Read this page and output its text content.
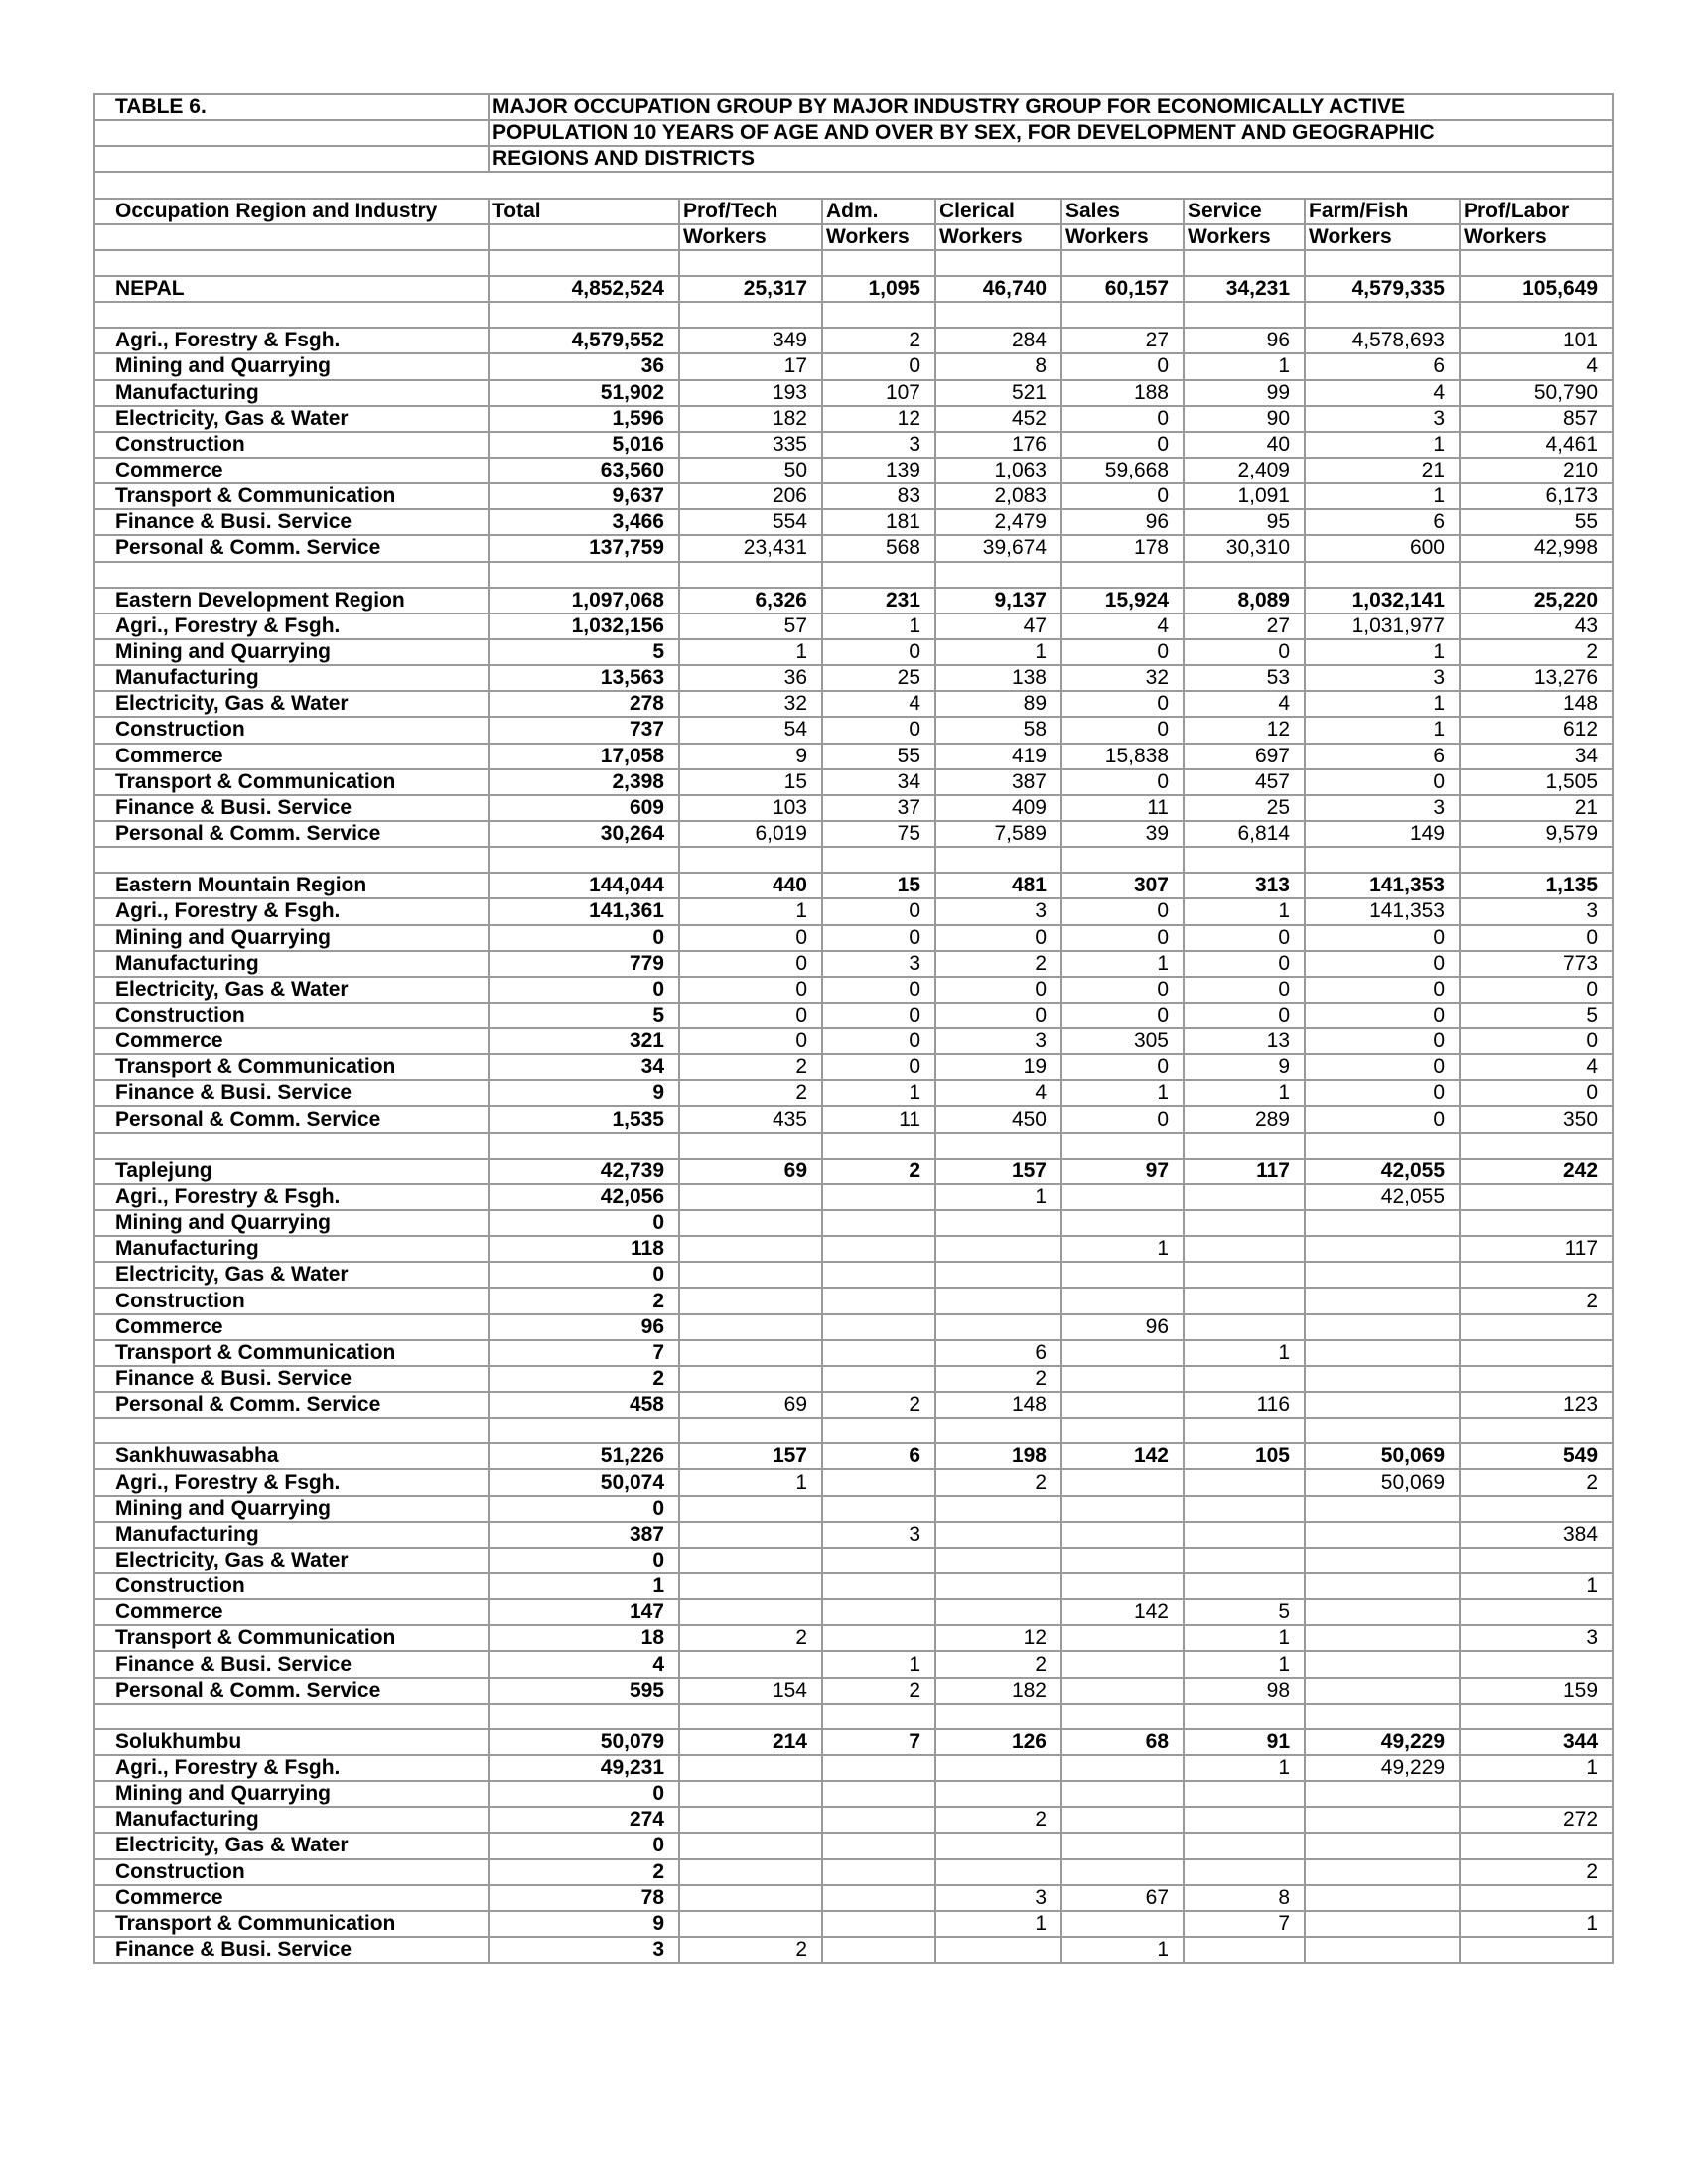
TABLE 6.	MAJOR OCCUPATION GROUP BY MAJOR INDUSTRY GROUP FOR ECONOMICALLY ACTIVE							
	POPULATION 10 YEARS OF AGE AND OVER BY SEX, FOR DEVELOPMENT AND GEOGRAPHIC							
	REGIONS AND DISTRICTS							

Occupation Region and Industry	Total	Prof/Tech	Adm.	Clerical	Sales	Service	Farm/Fish	Prof/Labor
		Workers	Workers	Workers	Workers	Workers	Workers	Workers

NEPAL	4,852,524	25,317	1,095	46,740	60,157	34,231	4,579,335	105,649

Agri., Forestry & Fsgh.	4,579,552	349	2	284	27	96	4,578,693	101
Mining and Quarrying	36	17	0	8	0	1	6	4
Manufacturing	51,902	193	107	521	188	99	4	50,790
Electricity, Gas & Water	1,596	182	12	452	0	90	3	857
Construction	5,016	335	3	176	0	40	1	4,461
Commerce	63,560	50	139	1,063	59,668	2,409	21	210
Transport & Communication	9,637	206	83	2,083	0	1,091	1	6,173
Finance & Busi. Service	3,466	554	181	2,479	96	95	6	55
Personal & Comm. Service	137,759	23,431	568	39,674	178	30,310	600	42,998

Eastern Development Region	1,097,068	6,326	231	9,137	15,924	8,089	1,032,141	25,220
Agri., Forestry & Fsgh.	1,032,156	57	1	47	4	27	1,031,977	43
Mining and Quarrying	5	1	0	1	0	0	1	2
Manufacturing	13,563	36	25	138	32	53	3	13,276
Electricity, Gas & Water	278	32	4	89	0	4	1	148
Construction	737	54	0	58	0	12	1	612
Commerce	17,058	9	55	419	15,838	697	6	34
Transport & Communication	2,398	15	34	387	0	457	0	1,505
Finance & Busi. Service	609	103	37	409	11	25	3	21
Personal & Comm. Service	30,264	6,019	75	7,589	39	6,814	149	9,579

Eastern Mountain Region	144,044	440	15	481	307	313	141,353	1,135
Agri., Forestry & Fsgh.	141,361	1	0	3	0	1	141,353	3
Mining and Quarrying	0	0	0	0	0	0	0	0
Manufacturing	779	0	3	2	1	0	0	773
Electricity, Gas & Water	0	0	0	0	0	0	0	0
Construction	5	0	0	0	0	0	0	5
Commerce	321	0	0	3	305	13	0	0
Transport & Communication	34	2	0	19	0	9	0	4
Finance & Busi. Service	9	2	1	4	1	1	0	0
Personal & Comm. Service	1,535	435	11	450	0	289	0	350

Taplejung	42,739	69	2	157	97	117	42,055	242
Agri., Forestry & Fsgh.	42,056			1			42,055	
Mining and Quarrying	0							
Manufacturing	118				1			117
Electricity, Gas & Water	0							
Construction	2							2
Commerce	96				96			
Transport & Communication	7			6		1		
Finance & Busi. Service	2			2				
Personal & Comm. Service	458	69	2	148		116		123

Sankhuwasabha	51,226	157	6	198	142	105	50,069	549
Agri., Forestry & Fsgh.	50,074	1		2			50,069	2
Mining and Quarrying	0							
Manufacturing	387		3					384
Electricity, Gas & Water	0							
Construction	1							1
Commerce	147				142	5		
Transport & Communication	18	2		12		1		3
Finance & Busi. Service	4		1	2		1		
Personal & Comm. Service	595	154	2	182		98		159

Solukhumbu	50,079	214	7	126	68	91	49,229	344
Agri., Forestry & Fsgh.	49,231					1	49,229	1
Mining and Quarrying	0							
Manufacturing	274			2				272
Electricity, Gas & Water	0							
Construction	2							2
Commerce	78			3	67	8		
Transport & Communication	9			1		7		1
Finance & Busi. Service	3	2			1			
